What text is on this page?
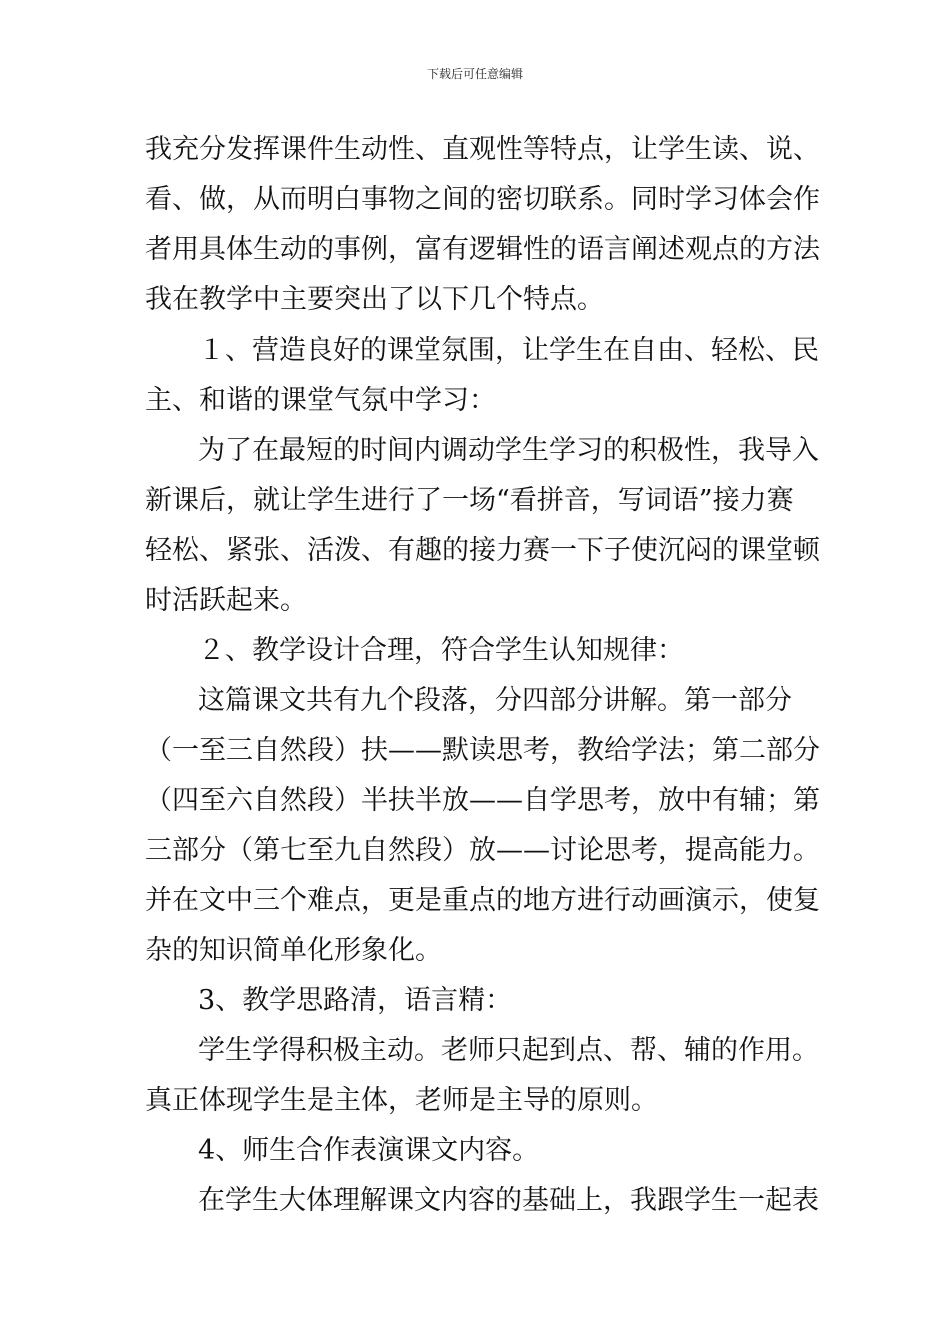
下载后可任意编辑
我充分发挥课件生动性、直观性等特点，让学生读、说、
看、做，从而明白事物之间的密切联系。同时学习体会作
者用具体生动的事例，富有逻辑性的语言阐述观点的方法
我在教学中主要突出了以下几个特点。
１、营造良好的课堂氛围，让学生在自由、轻松、民
主、和谐的课堂气氛中学习：
为了在最短的时间内调动学生学习的积极性，我导入
新课后，就让学生进行了一场“看拼音，写词语”接力赛
轻松、紧张、活泼、有趣的接力赛一下子使沉闷的课堂顿
时活跃起来。
２、教学设计合理，符合学生认知规律：
这篇课文共有九个段落，分四部分讲解。第一部分
（一至三自然段）扶——默读思考，教给学法；第二部分
（四至六自然段）半扶半放——自学思考，放中有辅；第
三部分（第七至九自然段）放——讨论思考，提高能力。
并在文中三个难点，更是重点的地方进行动画演示，使复
杂的知识简单化形象化。
3、教学思路清，语言精：
学生学得积极主动。老师只起到点、帮、辅的作用。
真正体现学生是主体，老师是主导的原则。
4、师生合作表演课文内容。
在学生大体理解课文内容的基础上，我跟学生一起表
